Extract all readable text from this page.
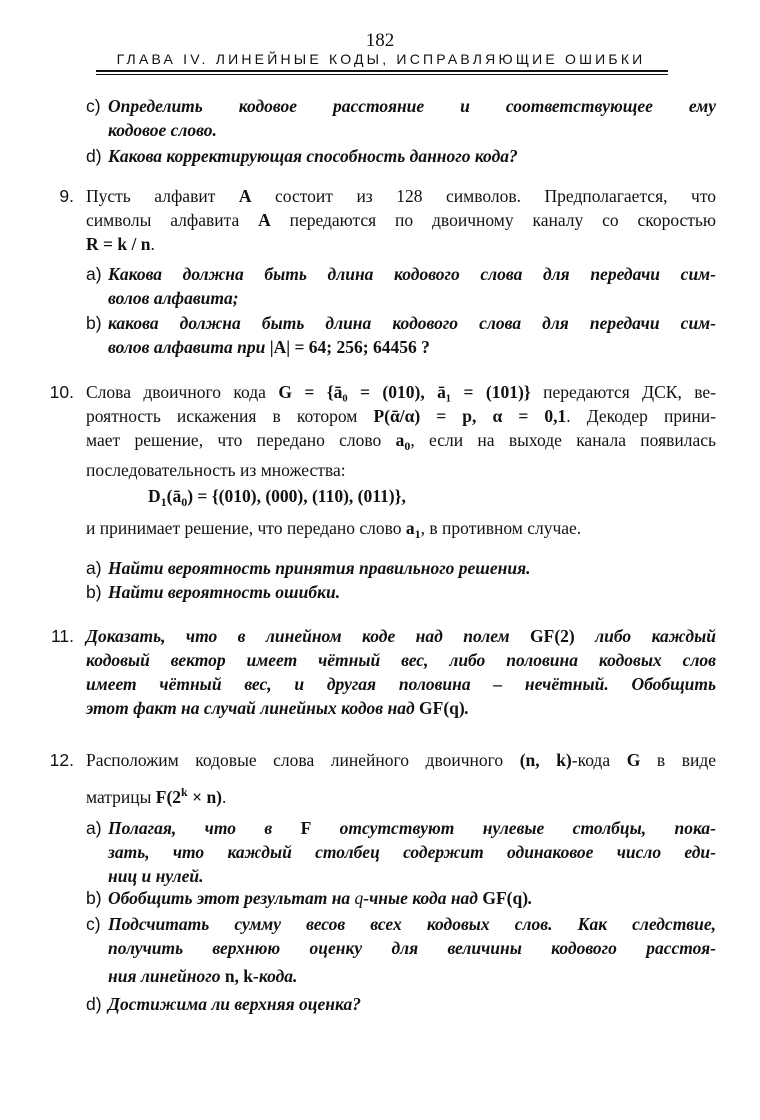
182
ГЛАВА IV. ЛИНЕЙНЫЕ КОДЫ, ИСПРАВЛЯЮЩИЕ ОШИБКИ
c) Определить кодовое расстояние и соответствующее ему
кодовое слово.
d) Какова корректирующая способность данного кода?
9. Пусть алфавит A состоит из 128 символов. Предполагается, что
символы алфавита A передаются по двоичному каналу со скоростью
R = k / n.
a) Какова должна быть длина кодового слова для передачи сим-
волов алфавита;
b) какова должна быть длина кодового слова для передачи сим-
волов алфавита при |A| = 64; 256; 64456 ?
10. Слова двоичного кода G = {ā₀ = (010), ā₁ = (101)} передаются ДСК, ве-
роятность искажения в котором P(ᾱ/α) = p, α = 0,1. Декодер прини-
мает решение, что передано слово $a_0$, если на выходе канала появилась
последовательность из множества:
$D_1(ā_0) = \{(010)$, (000), (110), (011)},
и принимает решение, что передано слово $a_1$, в противном случае.
a) Найти вероятность принятия правильного решения.
b) Найти вероятность ошибки.
11. Доказать, что в линейном коде над полем GF(2) либо каждый
кодовый вектор имеет чётный вес, либо половина кодовых слов
имеет чётный вес, и другая половина – нечётный. Обобщить
этот факт на случай линейных кодов над GF(q).
12. Расположим кодовые слова линейного двоичного (n, k)-кода G в виде
матрицы $F(2^k \times n)$.
a) Полагая, что в F отсутствуют нулевые столбцы, пока-
зать, что каждый столбец содержит одинаковое число еди-
ниц и нулей.
b) Обобщить этот результат на q-чные кода над GF(q).
c) Подсчитать сумму весов всех кодовых слов. Как следствие,
получить верхнюю оценку для величины кодового расстоя-
ния линейного n, k-кода.
d) Достижима ли верхняя оценка?
